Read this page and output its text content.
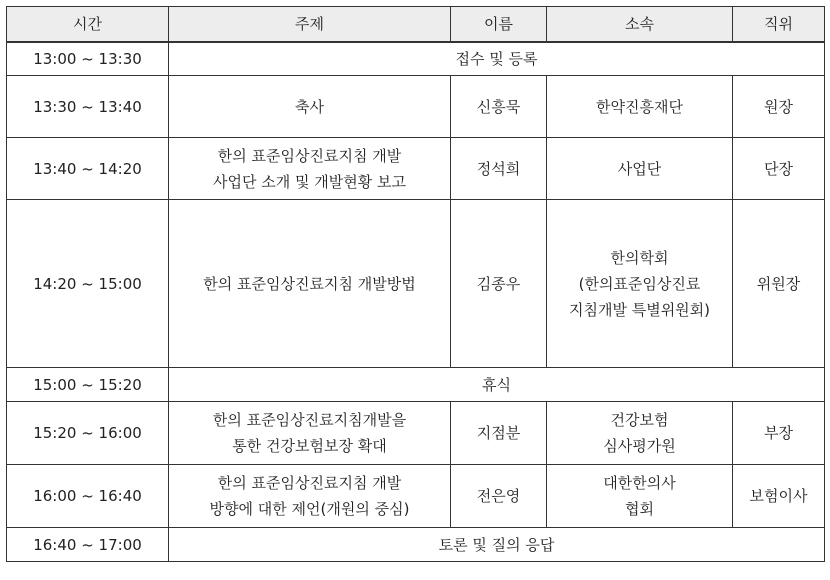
시간	주제	이름	소속	직위
13:00 ~ 13:30	접수 및 등록			
13:30 ~ 13:40	축사	신흥묵	한약진흥재단	원장
13:40 ~ 14:20	한의 표준임상진료지침 개발
사업단 소개 및 개발현황 보고	정석희	사업단	단장
14:20 ~ 15:00	한의 표준임상진료지침 개발방법	김종우	한의학회
(한의표준임상진료
지침개발 특별위원회)	위원장
15:00 ~ 15:20	휴식			
15:20 ~ 16:00	한의 표준임상진료지침개발을
통한 건강보험보장 확대	지점분	건강보험
심사평가원	부장
16:00 ~ 16:40	한의 표준임상진료지침 개발
방향에 대한 제언(개원의 중심)	전은영	대한한의사
협회	보험이사
16:40 ~ 17:00	토론 및 질의 응답			
